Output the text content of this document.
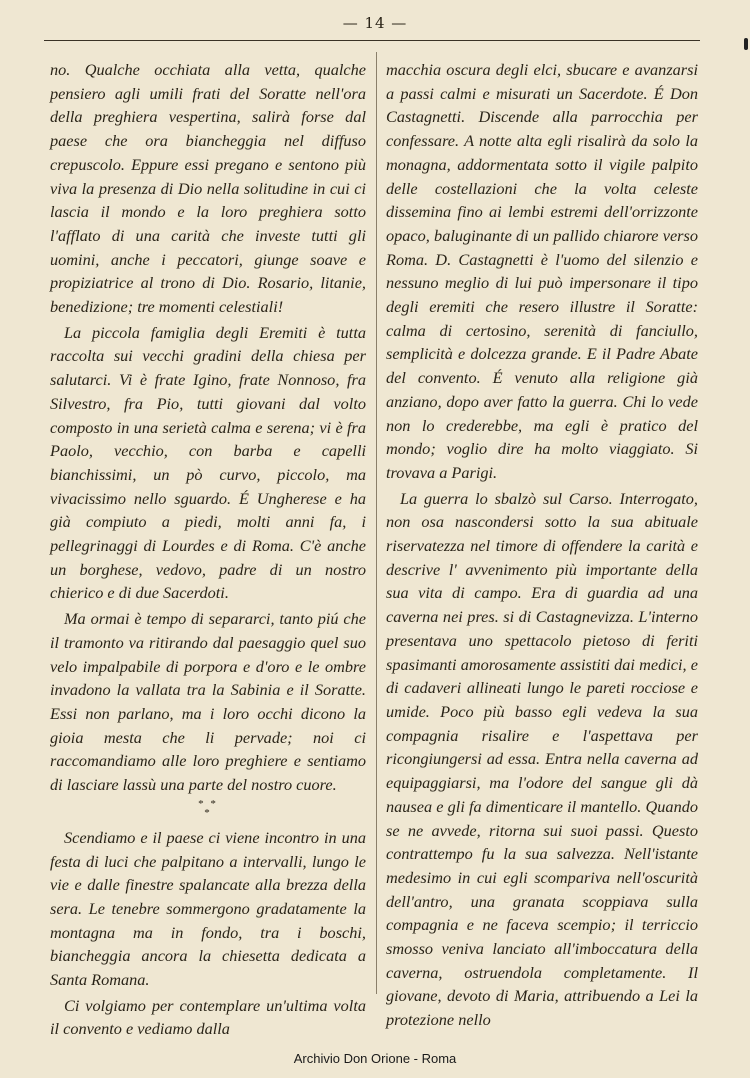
— 14 —

no. Qualche occhiata alla vetta, qualche pensiero agli umili frati del Soratte nell'ora della preghiera vespertina, salirà forse dal paese che ora biancheggia nel diffuso crepuscolo. Eppure essi pregano e sentono più viva la presenza di Dio nella solitudine in cui ci lascia il mondo e la loro preghiera sotto l'afflato di una carità che investe tutti gli uomini, anche i peccatori, giunge soave e propiziatrice al trono di Dio. Rosario, litanie, benedizione; tre momenti celestiali!

La piccola famiglia degli Eremiti è tutta raccolta sui vecchi gradini della chiesa per salutarci. Vi è frate Igino, frate Nonnoso, fra Silvestro, fra Pio, tutti giovani dal volto composto in una serietà calma e serena; vi è fra Paolo, vecchio, con barba e capelli bianchissimi, un pò curvo, piccolo, ma vivacissimo nello sguardo. É Ungherese e ha già compiuto a piedi, molti anni fa, i pellegrinaggi di Lourdes e di Roma. C'è anche un borghese, vedovo, padre di un nostro chierico e di due Sacerdoti.

Ma ormai è tempo di separarci, tanto piú che il tramonto va ritirando dal paesaggio quel suo velo impalpabile di porpora e d'oro e le ombre invadono la vallata tra la Sabinia e il Soratte. Essi non parlano, ma i loro occhi dicono la gioia mesta che li pervade; noi ci raccomandiamo alle loro preghiere e sentiamo di lasciare lassù una parte del nostro cuore.

* *
*

Scendiamo e il paese ci viene incontro in una festa di luci che palpitano a intervalli, lungo le vie e dalle finestre spalancate alla brezza della sera. Le tenebre sommergono gradatamente la montagna ma in fondo, tra i boschi, biancheggia ancora la chiesetta dedicata a Santa Romana.

Ci volgiamo per contemplare un'ultima volta il convento e vediamo dalla

macchia oscura degli elci, sbucare e avanzarsi a passi calmi e misurati un Sacerdote. É Don Castagnetti. Discende alla parrocchia per confessare. A notte alta egli risalirà da solo la monagna, addormentata sotto il vigile palpito delle costellazioni che la volta celeste dissemina fino ai lembi estremi dell'orrizzonte opaco, baluginante di un pallido chiarore verso Roma. D. Castagnetti è l'uomo del silenzio e nessuno meglio di lui può impersonare il tipo degli eremiti che resero illustre il Soratte: calma di certosino, serenità di fanciullo, semplicità e dolcezza grande. E il Padre Abate del convento. É venuto alla religione già anziano, dopo aver fatto la guerra. Chi lo vede non lo crederebbe, ma egli è pratico del mondo; voglio dire ha molto viaggiato. Si trovava a Parigi.

La guerra lo sbalzò sul Carso. Interrogato, non osa nascondersi sotto la sua abituale riservatezza nel timore di offendere la carità e descrive l' avvenimento più importante della sua vita di campo. Era di guardia ad una caverna nei pres. si di Castagnevizza. L'interno presentava uno spettacolo pietoso di feriti spasimanti amorosamente assistiti dai medici, e di cadaveri allineati lungo le pareti rocciose e umide. Poco più basso egli vedeva la sua compagnia risalire e l'aspettava per ricongiungersi ad essa. Entra nella caverna ad equipaggiarsi, ma l'odore del sangue gli dà nausea e gli fa dimenticare il mantello. Quando se ne avvede, ritorna sui suoi passi. Questo contrattempo fu la sua salvezza. Nell'istante medesimo in cui egli scompariva nell'oscurità dell'antro, una granata scoppiava sulla compagnia e ne faceva scempio; il terriccio smosso veniva lanciato all'imboccatura della caverna, ostruendola completamente. Il giovane, devoto di Maria, attribuendo a Lei la protezione nello

Archivio Don Orione - Roma
